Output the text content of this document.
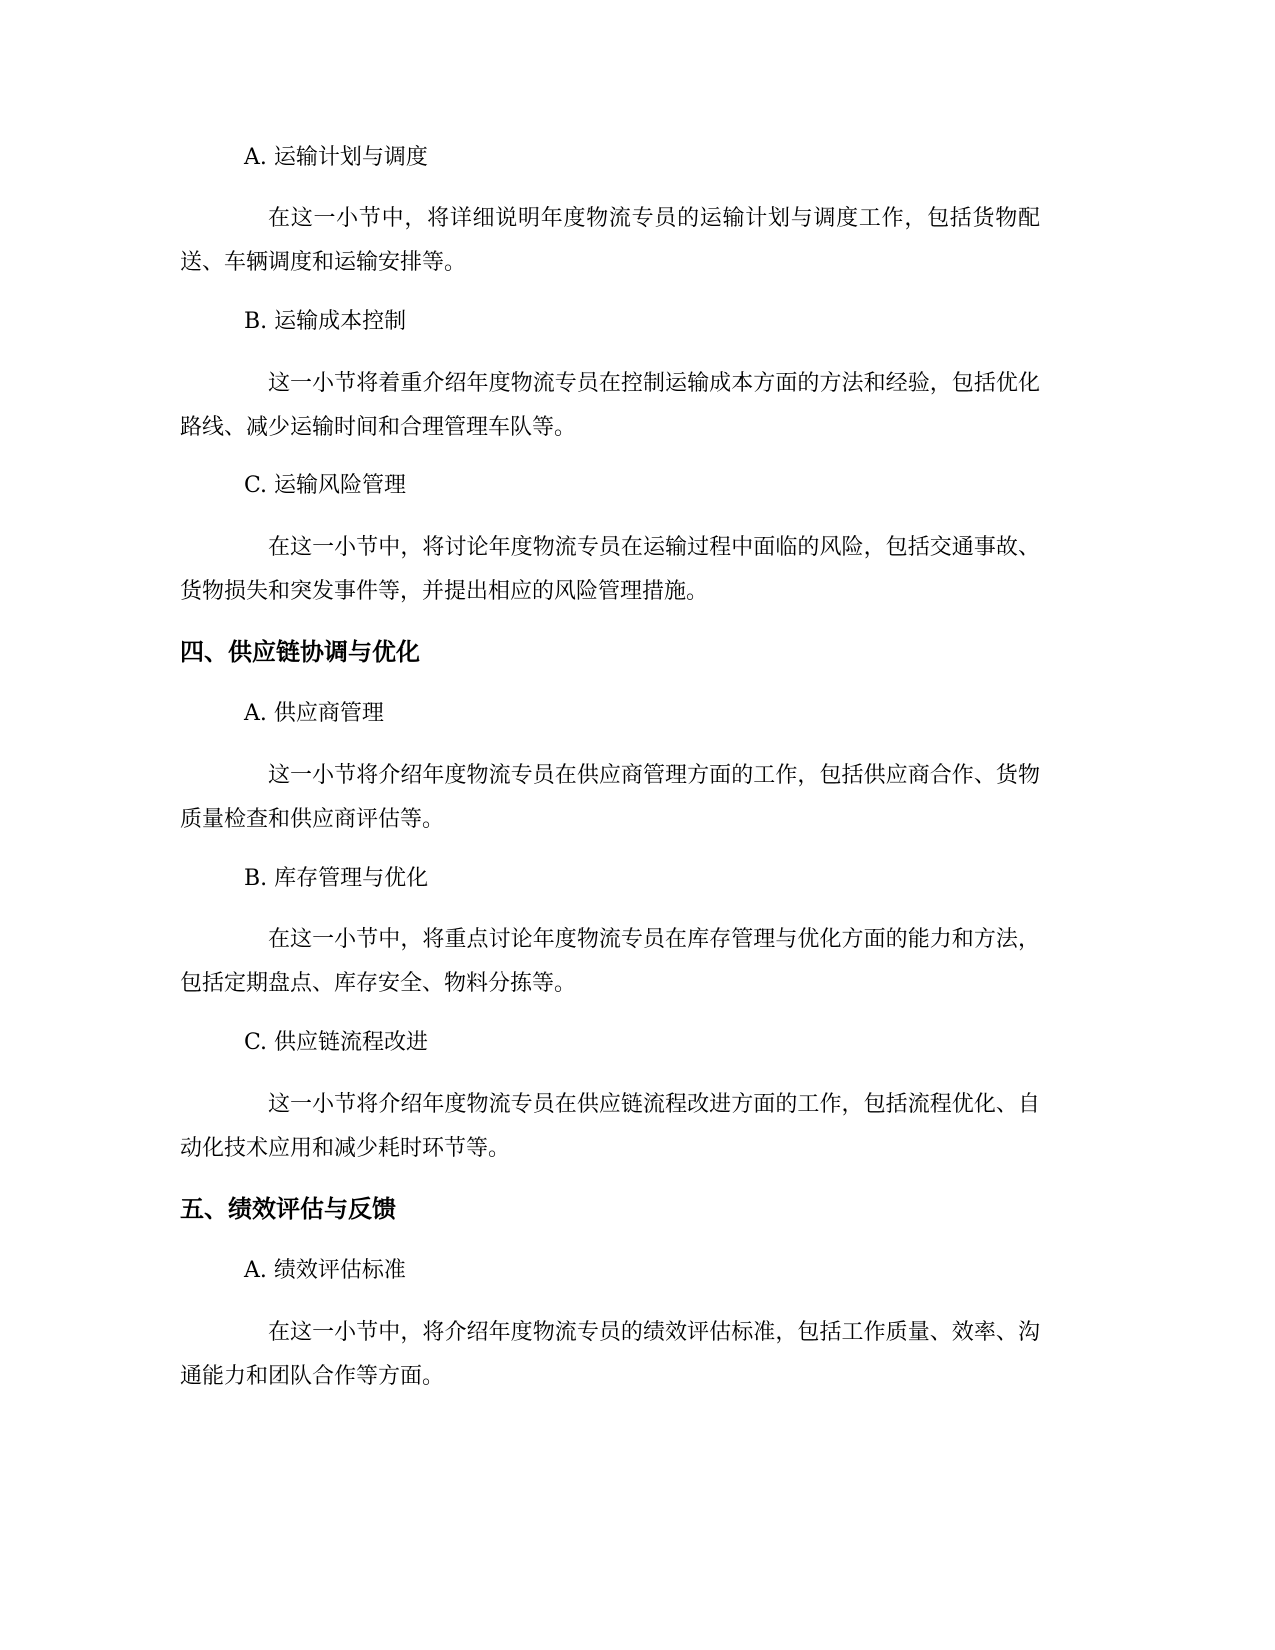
A. 运输计划与调度

在这一小节中，将详细说明年度物流专员的运输计划与调度工作，包括货物配送、车辆调度和运输安排等。

B. 运输成本控制

这一小节将着重介绍年度物流专员在控制运输成本方面的方法和经验，包括优化路线、减少运输时间和合理管理车队等。

C. 运输风险管理

在这一小节中，将讨论年度物流专员在运输过程中面临的风险，包括交通事故、货物损失和突发事件等，并提出相应的风险管理措施。

四、供应链协调与优化

A. 供应商管理

这一小节将介绍年度物流专员在供应商管理方面的工作，包括供应商合作、货物质量检查和供应商评估等。

B. 库存管理与优化

在这一小节中，将重点讨论年度物流专员在库存管理与优化方面的能力和方法，包括定期盘点、库存安全、物料分拣等。

C. 供应链流程改进

这一小节将介绍年度物流专员在供应链流程改进方面的工作，包括流程优化、自动化技术应用和减少耗时环节等。

五、绩效评估与反馈

A. 绩效评估标准

在这一小节中，将介绍年度物流专员的绩效评估标准，包括工作质量、效率、沟通能力和团队合作等方面。
